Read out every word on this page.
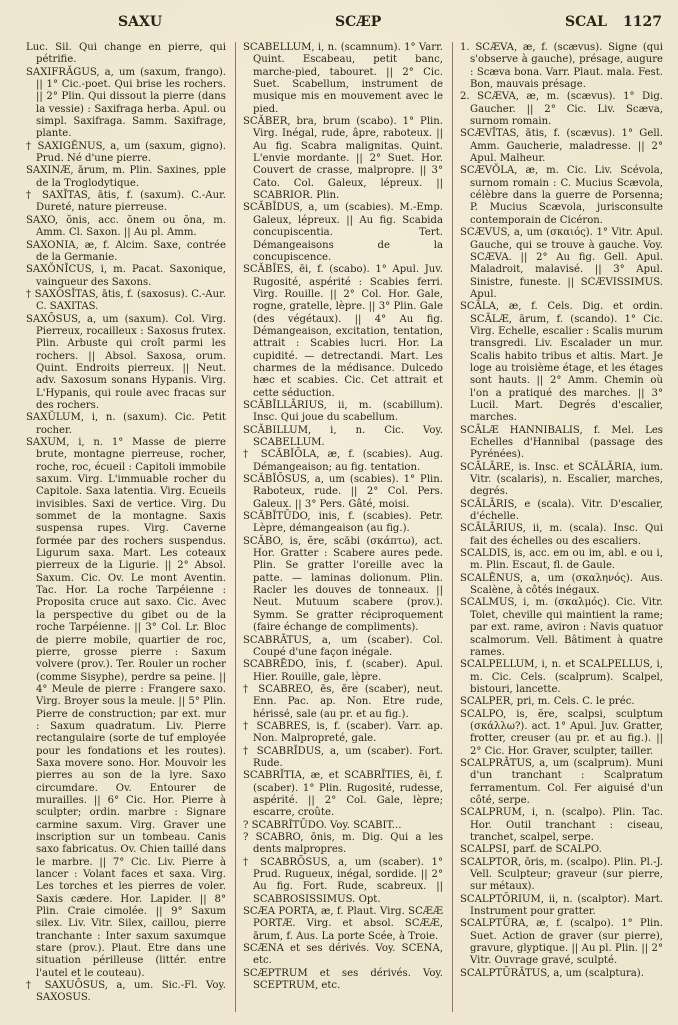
SAXU	SCÆP	SCAL 1127

Luc. Sil. Qui change en pierre, qui pétrifie.

SAXIFRĂGUS, a, um (saxum, frango). || 1° Cic.-poet. Qui brise les rochers. || 2° Plin. Qui dissout la pierre (dans la vessie) : Saxifraga herba. Apul. ou simpl. Saxifraga. Samm. Saxifrage, plante.

† SAXIGĔNUS, a, um (saxum, gigno). Prud. Né d'une pierre.

SAXINÆ, ārum, m. Plin. Saxines, pple de la Troglodytique.

† SAXĬTAS, ātis, f. (saxum). C.-Aur. Dureté, nature pierreuse.

SAXO, ŏnis, acc. ŏnem ou ŏna, m. Amm. Cl. Saxon. || Au pl. Amm.

SAXONIA, æ, f. Alcim. Saxe, contrée de la Germanie.

SAXŎNĬCUS, i, m. Pacat. Saxonique, vainqueur des Saxons.

† SAXŌSĬTAS, ātis, f. (saxosus). C.-Aur. C. SAXITAS.

SAXŌSUS, a, um (saxum). Col. Virg. Pierreux, rocailleux : Saxosus frutex. Plin. Arbuste qui croît parmi les rochers. || Absol. Saxosa, orum. Quint. Endroits pierreux. || Neut. adv. Saxosum sonans Hypanis. Virg. L'Hypanis, qui roule avec fracas sur des rochers.

SAXŬLUM, i, n. (saxum). Cic. Petit rocher.

SAXUM, i, n. 1° Masse de pierre brute, montagne pierreuse, rocher, roche, roc, écueil : Capitoli immobile saxum. Virg. L'immuable rocher du Capitole. Saxa latentia. Virg. Ecueils invisibles. Saxi de vertice. Virg. Du sommet de la montagne. Saxis suspensa rupes. Virg. Caverne formée par des rochers suspendus. Ligurum saxa. Mart. Les coteaux pierreux de la Ligurie. || 2° Absol. Saxum. Cic. Ov. Le mont Aventin. Tac. Hor. La roche Tarpéienne : Proposita cruce aut saxo. Cic. Avec la perspective du gibet ou de la roche Tarpéienne. || 3° Col. Lr. Bloc de pierre mobile, quartier de roc, pierre, grosse pierre : Saxum volvere (prov.). Ter. Rouler un rocher (comme Sisyphe), perdre sa peine. || 4° Meule de pierre : Frangere saxo. Virg. Broyer sous la meule. || 5° Plin. Pierre de construction; par ext. mur : Saxum quadratum. Liv. Pierre rectangulaire (sorte de tuf employée pour les fondations et les routes). Saxa movere sono. Hor. Mouvoir les pierres au son de la lyre. Saxo circumdare. Ov. Entourer de murailles. || 6° Cic. Hor. Pierre à sculpter; ordin. marbre : Signare carmine saxum. Virg. Graver une inscription sur un tombeau. Canis saxo fabricatus. Ov. Chien taillé dans le marbre. || 7° Cic. Liv. Pierre à lancer : Volant faces et saxa. Virg. Les torches et les pierres de voler. Saxis cædere. Hor. Lapider. || 8° Plin. Craie cimolée. || 9° Saxum silex. Liv. Vitr. Silex, caillou, pierre tranchante : Inter saxum saxumque stare (prov.). Plaut. Etre dans une situation périlleuse (littér. entre l'autel et le couteau).

† SAXUŌSUS, a, um. Sic.-Fl. Voy. SAXOSUS.

SCĂBELLUM, i, n. (scamnum). 1° Varr. Quint. Escabeau, petit banc, marche-pied, tabouret. || 2° Cic. Suet. Scabellum, instrument de musique mis en mouvement avec le pied.

SCĂBER, bra, brum (scabo). 1° Plin. Virg. Inégal, rude, âpre, raboteux. || Au fig. Scabra malignitas. Quint. L'envie mordante. || 2° Suet. Hor. Couvert de crasse, malpropre. || 3° Cato. Col. Galeux, lépreux. || SCABRIOR. Plin.

SCĂBĬDUS, a, um (scabies). M.-Emp. Galeux, lépreux. || Au fig. Scabida concupiscentia. Tert. Démangeaisons de la concupiscence.

SCĂBĬES, ēi, f. (scabo). 1° Apul. Juv. Rugosité, aspérité : Scabies ferri. Virg. Rouille. || 2° Col. Hor. Gale, rogne, gratelle, lèpre. || 3° Plin. Gale (des végétaux). || 4° Au fig. Démangeaison, excitation, tentation, attrait : Scabies lucri. Hor. La cupidité. — detrectandi. Mart. Les charmes de la médisance. Dulcedo hæc et scabies. Cic. Cet attrait et cette séduction.

SCĂBĬLLĀRIUS, ii, m. (scabillum). Insc. Qui joue du scabellum.

SCĂBILLUM, i, n. Cic. Voy. SCABELLUM.

† SCĂBĬŌLA, æ, f. (scabies). Aug. Démangeaison; au fig. tentation.

SCĂBĬŌSUS, a, um (scabies). 1° Plin. Raboteux, rude. || 2° Col. Pers. Galeux. || 3° Pers. Gâté, moisi.

SCĂBĬTŪDO, inis, f. (scabies). Petr. Lèpre, démangeaison (au fig.).

SCĂBO, is, ĕre, scābi (σκάπτω), act. Hor. Gratter : Scabere aures pede. Plin. Se gratter l'oreille avec la patte. — laminas dolionum. Plin. Racler les douves de tonneaux. || Neut. Mutuum scabere (prov.). Symm. Se gratter réciproquement (faire échange de compliments).

SCABRĀTUS, a, um (scaber). Col. Coupé d'une façon inégale.

SCABRĒDO, ĭnis, f. (scaber). Apul. Hier. Rouille, gale, lèpre.

† SCABREO, ēs, ēre (scaber), neut. Enn. Pac. ap. Non. Etre rude, hérissé, sale (au pr. et au fig.).

† SCABRES, is, f. (scaber). Varr. ap. Non. Malpropreté, gale.

† SCABRĬDUS, a, um (scaber). Fort. Rude.

SCABRĬTIA, æ, et SCABRĬTIES, ēi, f. (scaber). 1° Plin. Rugosité, rudesse, aspérité. || 2° Col. Gale, lèpre; escarre, croûte.

? SCABRĬTŪDO. Voy. SCABIT...

? SCABRO, ōnis, m. Dig. Qui a les dents malpropres.

† SCABRŌSUS, a, um (scaber). 1° Prud. Rugueux, inégal, sordide. || 2° Au fig. Fort. Rude, scabreux. || SCABROSISSIMUS. Opt.

SCÆA PORTA, æ, f. Plaut. Virg. SCÆÆ PORTÆ. Virg. et absol. SCÆÆ, ārum, f. Aus. La porte Scée, à Troie.

SCÆNA et ses dérivés. Voy. SCENA, etc.

SCÆPTRUM et ses dérivés. Voy. SCEPTRUM, etc.

1. SCÆVA, æ, f. (scævus). Signe (qui s'observe à gauche), présage, augure : Scæva bona. Varr. Plaut. mala. Fest. Bon, mauvais présage.

2. SCÆVA, æ, m. (scævus). 1° Dig. Gaucher. || 2° Cic. Liv. Scæva, surnom romain.

SCÆVĬTAS, ātis, f. (scævus). 1° Gell. Amm. Gaucherie, maladresse. || 2° Apul. Malheur.

SCÆVŎLA, æ, m. Cic. Liv. Scévola, surnom romain : C. Mucius Scævola, célèbre dans la guerre de Porsenna; P. Mucius Scævola, jurisconsulte contemporain de Cicéron.

SCÆVUS, a, um (σκαιός). 1° Vitr. Apul. Gauche, qui se trouve à gauche. Voy. SCÆVA. || 2° Au fig. Gell. Apul. Maladroit, malavisé. || 3° Apul. Sinistre, funeste. || SCÆVISSIMUS. Apul.

SCĀLA, æ, f. Cels. Dig. et ordin. SCĀLÆ, ārum, f. (scando). 1° Cic. Virg. Echelle, escalier : Scalis murum transgredi. Liv. Escalader un mur. Scalis habito tribus et altis. Mart. Je loge au troisième étage, et les étages sont hauts. || 2° Amm. Chemin où l'on a pratiqué des marches. || 3° Lucil. Mart. Degrés d'escalier, marches.

SCĀLÆ HANNIBALIS, f. Mel. Les Echelles d'Hannibal (passage des Pyrénées).

SCĀLĀRE, is. Insc. et SCĀLĀRIA, ium. Vitr. (scalaris), n. Escalier, marches, degrés.

SCĀLĀRIS, e (scala). Vitr. D'escalier, d'échelle.

SCĀLĀRIUS, ii, m. (scala). Insc. Qui fait des échelles ou des escaliers.

SCALDIS, is, acc. em ou im, abl. e ou i, m. Plin. Escaut, fl. de Gaule.

SCALĒNUS, a, um (σκαληνός). Aus. Scalène, à côtés inégaux.

SCALMUS, i, m. (σκαλμός). Cic. Vitr. Tolet, cheville qui maintient la rame; par ext. rame, aviron : Navis quatuor scalmorum. Vell. Bâtiment à quatre rames.

SCALPELLUM, i, n. et SCALPELLUS, i, m. Cic. Cels. (scalprum). Scalpel, bistouri, lancette.

SCALPER, pri, m. Cels. C. le préc.

SCALPO, is, ĕre, scalpsi, sculptum (σκάλλω?). act. 1° Apul. Juv. Gratter, frotter, creuser (au pr. et au fig.). || 2° Cic. Hor. Graver, sculpter, tailler.

SCALPRĀTUS, a, um (scalprum). Muni d'un tranchant : Scalpratum ferramentum. Col. Fer aiguisé d'un côté, serpe.

SCALPRUM, i, n. (scalpo). Plin. Tac. Hor. Outil tranchant : ciseau, tranchet, scalpel, serpe.

SCALPSI, parf. de SCALPO.

SCALPTOR, ōris, m. (scalpo). Plin. Pl.-J. Vell. Sculpteur; graveur (sur pierre, sur métaux).

SCALPTŌRIUM, ii, n. (scalptor). Mart. Instrument pour gratter.

SCALPTŪRA, æ, f. (scalpo). 1° Plin. Suet. Action de graver (sur pierre), gravure, glyptique. || Au pl. Plin. || 2° Vitr. Ouvrage gravé, sculpté.

SCALPTŪRĀTUS, a, um (scalptura).
